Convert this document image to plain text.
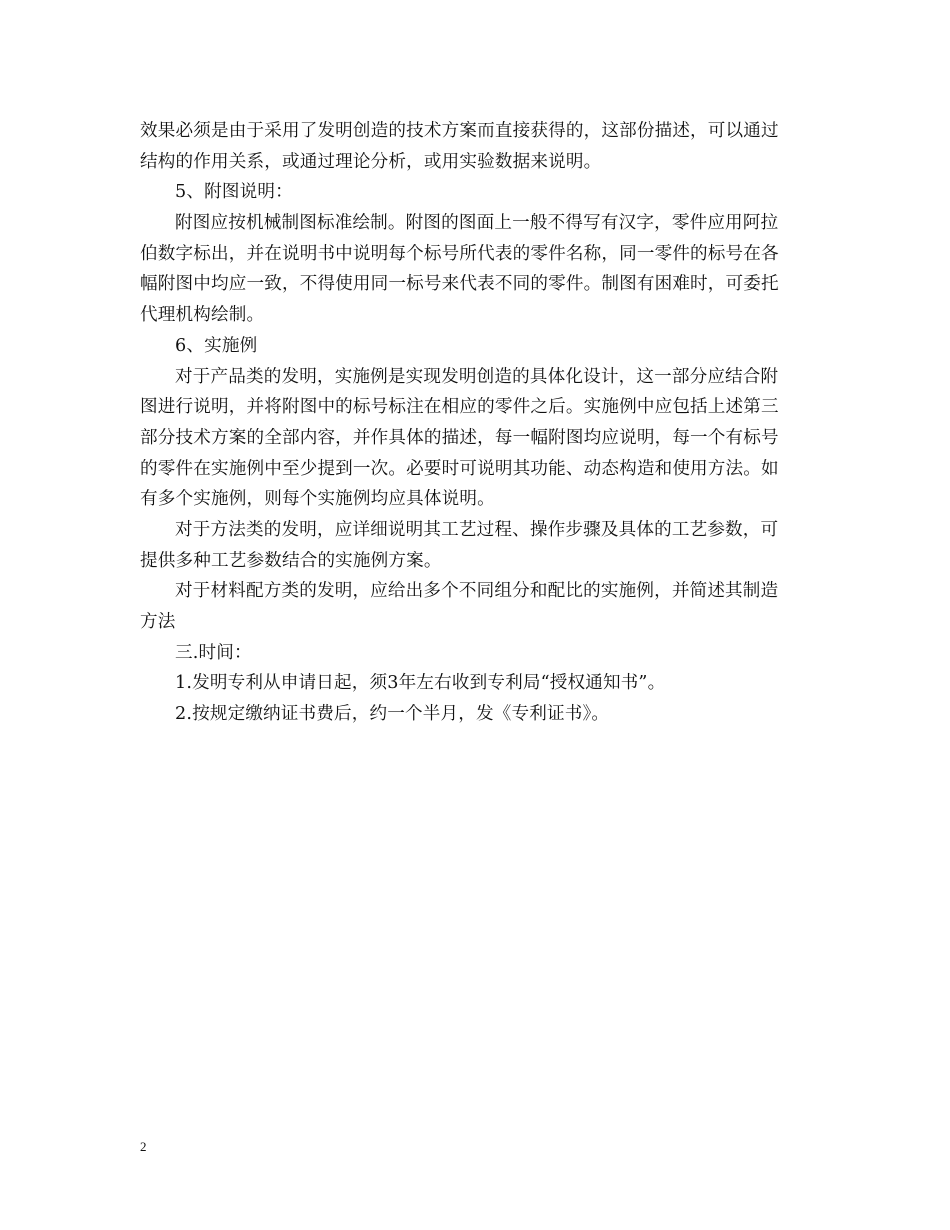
效果必须是由于采用了发明创造的技术方案而直接获得的，这部份描述，可以通过
结构的作用关系，或通过理论分析，或用实验数据来说明。
5、附图说明：
附图应按机械制图标准绘制。附图的图面上一般不得写有汉字，零件应用阿拉
伯数字标出，并在说明书中说明每个标号所代表的零件名称，同一零件的标号在各
幅附图中均应一致，不得使用同一标号来代表不同的零件。制图有困难时，可委托
代理机构绘制。
6、实施例
对于产品类的发明，实施例是实现发明创造的具体化设计，这一部分应结合附
图进行说明，并将附图中的标号标注在相应的零件之后。实施例中应包括上述第三
部分技术方案的全部内容，并作具体的描述，每一幅附图均应说明，每一个有标号
的零件在实施例中至少提到一次。必要时可说明其功能、动态构造和使用方法。如
有多个实施例，则每个实施例均应具体说明。
对于方法类的发明，应详细说明其工艺过程、操作步骤及具体的工艺参数，可
提供多种工艺参数结合的实施例方案。
对于材料配方类的发明，应给出多个不同组分和配比的实施例，并简述其制造
方法
三.时间：
1.发明专利从申请日起，须3年左右收到专利局“授权通知书”。
2.按规定缴纳证书费后，约一个半月，发《专利证书》。
2
